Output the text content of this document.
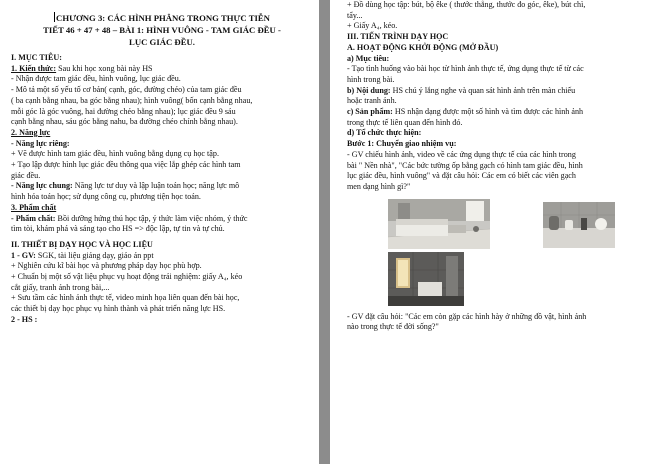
CHƯƠNG 3: CÁC HÌNH PHẲNG TRONG THỰC TIỄN

TIẾT 46 + 47 + 48 – BÀI 1: HÌNH VUÔNG - TAM GIÁC ĐỀU -

LỤC GIÁC ĐỀU.

I. MỤC TIÊU:

1. Kiến thức: Sau khi học xong bài này HS

- Nhận được tam giác đều, hình vuông, lục giác đều.

- Mô tả một số yếu tố cơ bản( cạnh, góc, đường chéo) của tam giác đều

( ba cạnh bằng nhau, ba góc bằng nhau); hình vuông( bốn cạnh bằng nhau,

mỗi góc là góc vuông, hai đường chéo bằng nhau); lục giác đều 9 sáu

cạnh bằng nhau, sáu góc bằng nahu, ba đường chéo chính bằng nhau).

2. Năng lực

- Năng lực riêng:

+ Vẽ được hình tam giác đều, hình vuông bằng dụng cụ học tập.

+ Tạo lập được hình lục giác đều thông qua việc lắp ghép các hình tam

giác đều.

- Năng lực chung: Năng lực tư duy và lập luận toán học; năng lực mô

hình hóa toán học; sử dụng công cụ, phương tiện học toán.

3. Phẩm chất

- Phẩm chất: Bồi dưỡng hứng thú học tập, ý thức làm việc nhóm, ý thức

tìm tòi, khám phá và sáng tạo cho HS => độc lập, tự tin và tự chủ.

II. THIẾT BỊ DẠY HỌC VÀ HỌC LIỆU

1 - GV: SGK, tài liệu giảng dạy, giáo án ppt

+ Nghiên cứu kĩ bài học và phương pháp dạy học phù hợp.

+ Chuẩn bị một số vật liệu phục vụ hoạt động trải nghiệm: giấy A₄, kéo

cắt giấy, tranh ảnh trong bài,...

+ Sưu tầm các hình ảnh thực tế, video minh họa liên quan đến bài học,

các thiết bị dạy học phục vụ hình thành và phát triển năng lực HS.

2 - HS :

+ Đồ dùng học tập: bút, bộ êke ( thước thẳng, thước đo góc, êke), bút chì,

tẩy...

+ Giấy A₄, kéo.

III. TIẾN TRÌNH DẠY HỌC

A. HOẠT ĐỘNG KHỞI ĐỘNG (MỞ ĐẦU)

a) Mục tiêu:

- Tạo tình huống vào bài học từ hình ảnh thực tế, ứng dụng thực tế từ các

hình trong bài.

b) Nội dung: HS chú ý lắng nghe và quan sát hình ảnh trên màn chiếu

hoặc tranh ảnh.

c) Sản phẩm: HS nhận dạng được một số hình và tìm được các hình ảnh

trong thực tế liên quan đến hình đó.

d) Tổ chức thực hiện:

Bước 1: Chuyển giao nhiệm vụ:

- GV chiếu hình ảnh, video về các ứng dụng thực tế của các hình trong

bài " Nền nhà", "Các bức tường ốp bằng gạch có hình tam giác đều, hình

lục giác đều, hình vuông" và đặt câu hỏi: Các em có biết các viên gạch

men dạng hình gì?"

- GV đặt câu hỏi: "Các em còn gặp các hình hày ở những đồ vật, hình ảnh

nào trong thực tế đời sống?"
